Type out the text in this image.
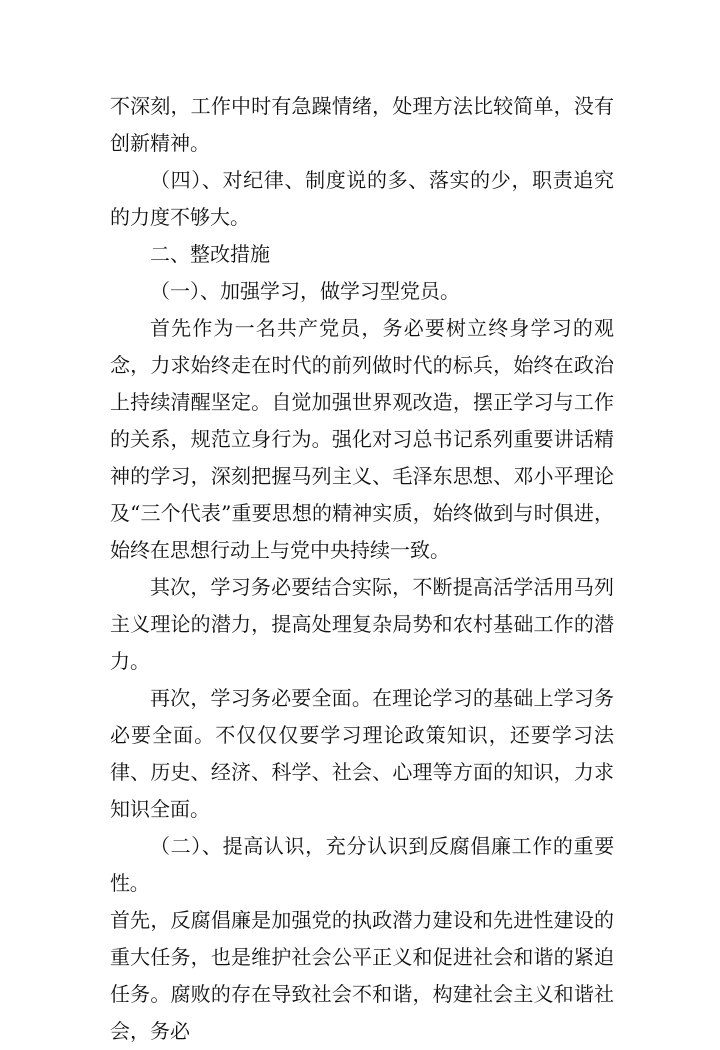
不深刻，工作中时有急躁情绪，处理方法比较简单，没有创新精神。

（四）、对纪律、制度说的多、落实的少，职责追究的力度不够大。

二、整改措施

（一）、加强学习，做学习型党员。

首先作为一名共产党员，务必要树立终身学习的观念，力求始终走在时代的前列做时代的标兵，始终在政治上持续清醒坚定。自觉加强世界观改造，摆正学习与工作的关系，规范立身行为。强化对习总书记系列重要讲话精神的学习，深刻把握马列主义、毛泽东思想、邓小平理论及“三个代表”重要思想的精神实质，始终做到与时俱进，始终在思想行动上与党中央持续一致。

其次，学习务必要结合实际，不断提高活学活用马列主义理论的潜力，提高处理复杂局势和农村基础工作的潜力。

再次，学习务必要全面。在理论学习的基础上学习务必要全面。不仅仅仅要学习理论政策知识，还要学习法律、历史、经济、科学、社会、心理等方面的知识，力求知识全面。

（二）、提高认识，充分认识到反腐倡廉工作的重要性。

首先，反腐倡廉是加强党的执政潜力建设和先进性建设的重大任务，也是维护社会公平正义和促进社会和谐的紧迫任务。腐败的存在导致社会不和谐，构建社会主义和谐社会，务必
